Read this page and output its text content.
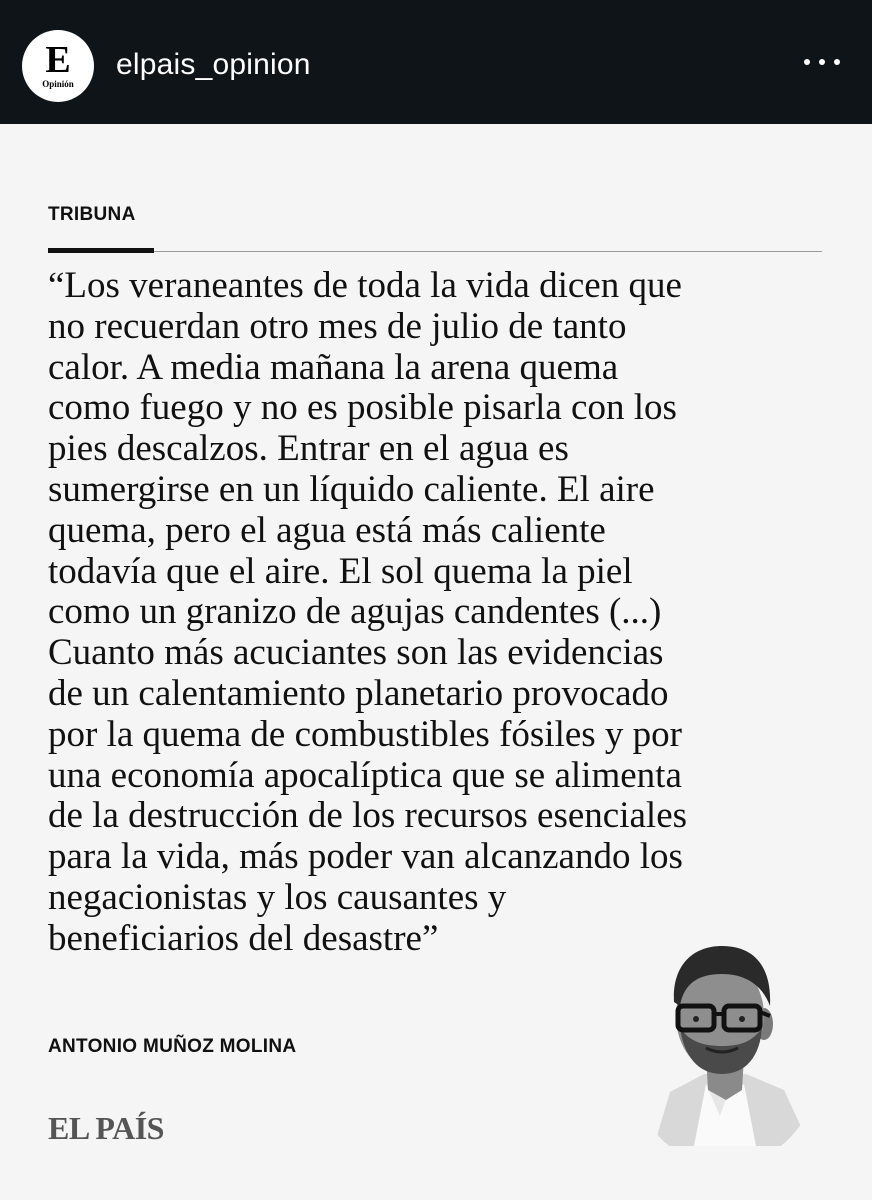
E
Opinión
elpais_opinion
TRIBUNA

“Los veraneantes de toda la vida dicen que
no recuerdan otro mes de julio de tanto
calor. A media mañana la arena quema
como fuego y no es posible pisarla con los
pies descalzos. Entrar en el agua es
sumergirse en un líquido caliente. El aire
quema, pero el agua está más caliente
todavía que el aire. El sol quema la piel
como un granizo de agujas candentes (...)
Cuanto más acuciantes son las evidencias
de un calentamiento planetario provocado
por la quema de combustibles fósiles y por
una economía apocalíptica que se alimenta
de la destrucción de los recursos esenciales
para la vida, más poder van alcanzando los
negacionistas y los causantes y
beneficiarios del desastre”

ANTONIO MUÑOZ MOLINA
EL PAÍS
